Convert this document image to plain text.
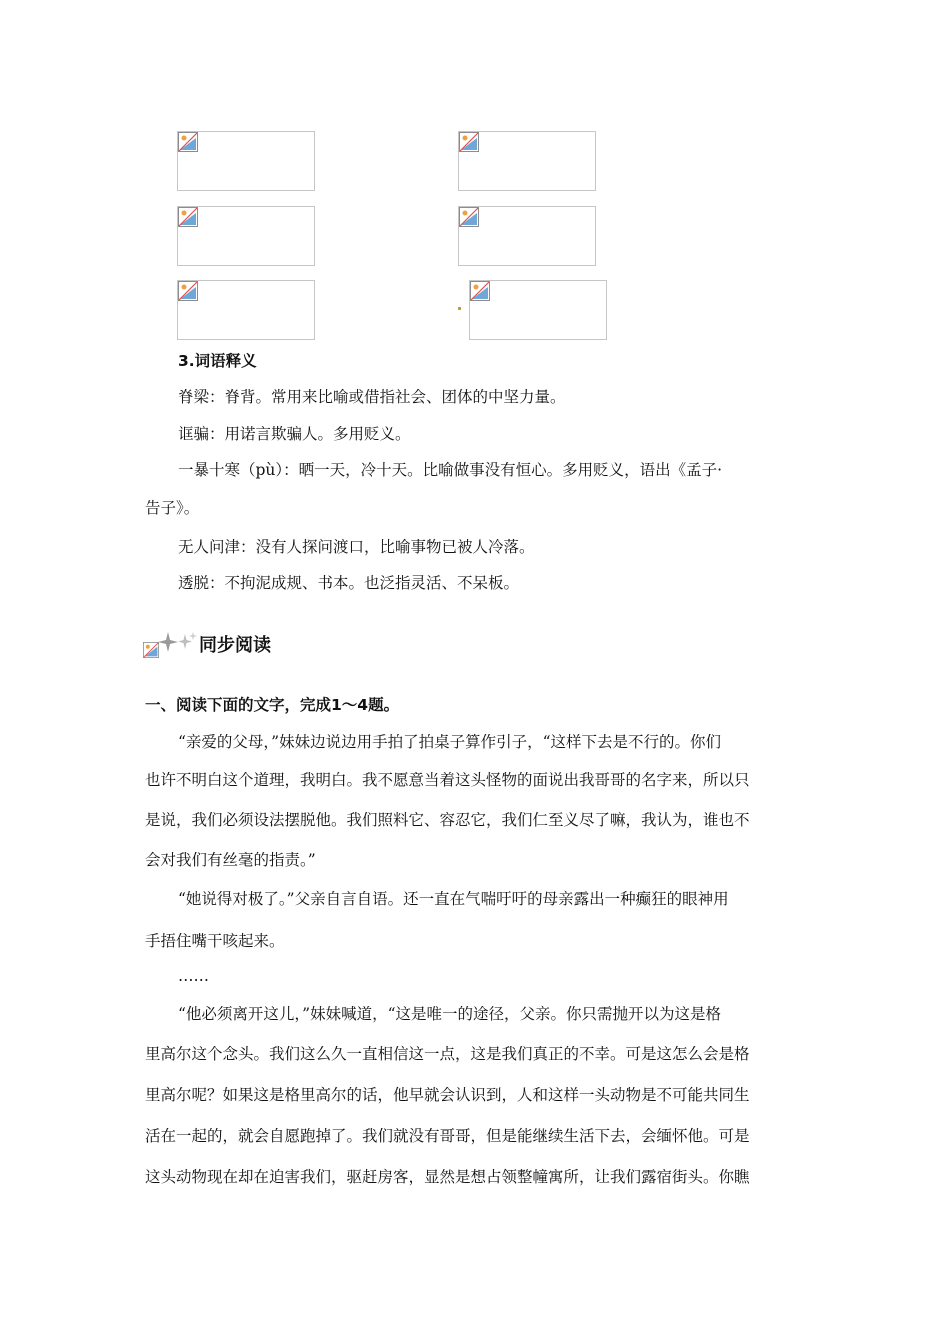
3.词语释义
脊梁：脊背。常用来比喻或借指社会、团体的中坚力量。
诓骗：用诺言欺骗人。多用贬义。
一暴十寒（pù）：晒一天，冷十天。比喻做事没有恒心。多用贬义，语出《孟子·
告子》。
无人问津：没有人探问渡口，比喻事物已被人冷落。
透脱：不拘泥成规、书本。也泛指灵活、不呆板。
同步阅读
一、阅读下面的文字，完成1～4题。
“亲爱的父母，”妹妹边说边用手拍了拍桌子算作引子，“这样下去是不行的。你们
也许不明白这个道理，我明白。我不愿意当着这头怪物的面说出我哥哥的名字来，所以只
是说，我们必须设法摆脱他。我们照料它、容忍它，我们仁至义尽了嘛，我认为，谁也不
会对我们有丝毫的指责。”
“她说得对极了。”父亲自言自语。还一直在气喘吁吁的母亲露出一种癫狂的眼神用
手捂住嘴干咳起来。
……
“他必须离开这儿，”妹妹喊道，“这是唯一的途径，父亲。你只需抛开以为这是格
里高尔这个念头。我们这么久一直相信这一点，这是我们真正的不幸。可是这怎么会是格
里高尔呢？如果这是格里高尔的话，他早就会认识到，人和这样一头动物是不可能共同生
活在一起的，就会自愿跑掉了。我们就没有哥哥，但是能继续生活下去，会缅怀他。可是
这头动物现在却在迫害我们，驱赶房客，显然是想占领整幢寓所，让我们露宿街头。你瞧
